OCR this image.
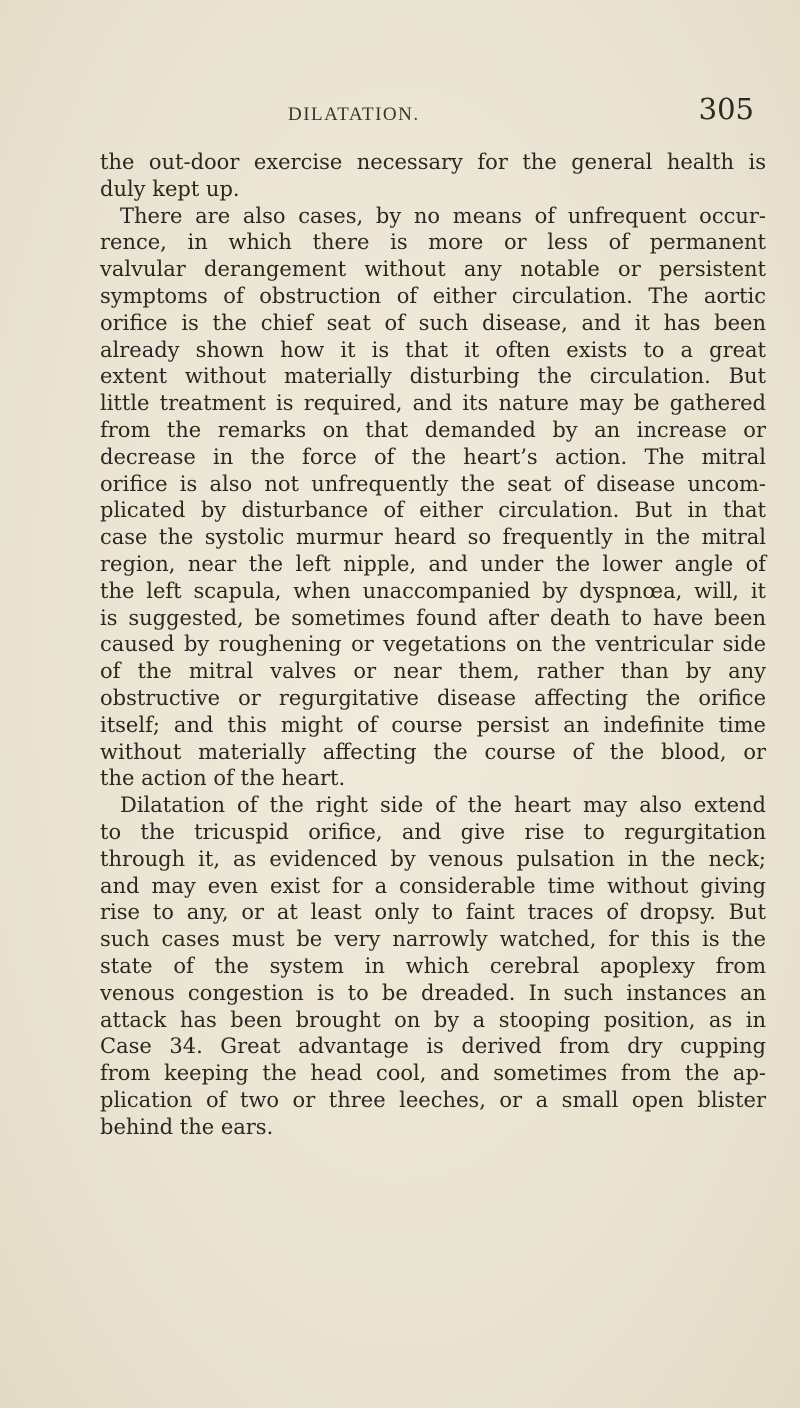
DILATATION.	305
the out-door exercise necessary for the general health is
duly kept up.
There are also cases, by no means of unfrequent occur-
rence, in which there is more or less of permanent
valvular derangement without any notable or persistent
symptoms of obstruction of either circulation. The aortic
orifice is the chief seat of such disease, and it has been
already shown how it is that it often exists to a great
extent without materially disturbing the circulation. But
little treatment is required, and its nature may be gathered
from the remarks on that demanded by an increase or
decrease in the force of the heart’s action. The mitral
orifice is also not unfrequently the seat of disease uncom-
plicated by disturbance of either circulation. But in that
case the systolic murmur heard so frequently in the mitral
region, near the left nipple, and under the lower angle of
the left scapula, when unaccompanied by dyspnœa, will, it
is suggested, be sometimes found after death to have been
caused by roughening or vegetations on the ventricular side
of the mitral valves or near them, rather than by any
obstructive or regurgitative disease affecting the orifice
itself; and this might of course persist an indefinite time
without materially affecting the course of the blood, or
the action of the heart.
Dilatation of the right side of the heart may also extend
to the tricuspid orifice, and give rise to regurgitation
through it, as evidenced by venous pulsation in the neck;
and may even exist for a considerable time without giving
rise to any, or at least only to faint traces of dropsy. But
such cases must be very narrowly watched, for this is the
state of the system in which cerebral apoplexy from
venous congestion is to be dreaded. In such instances an
attack has been brought on by a stooping position, as in
Case 34. Great advantage is derived from dry cupping
from keeping the head cool, and sometimes from the ap-
plication of two or three leeches, or a small open blister
behind the ears.
